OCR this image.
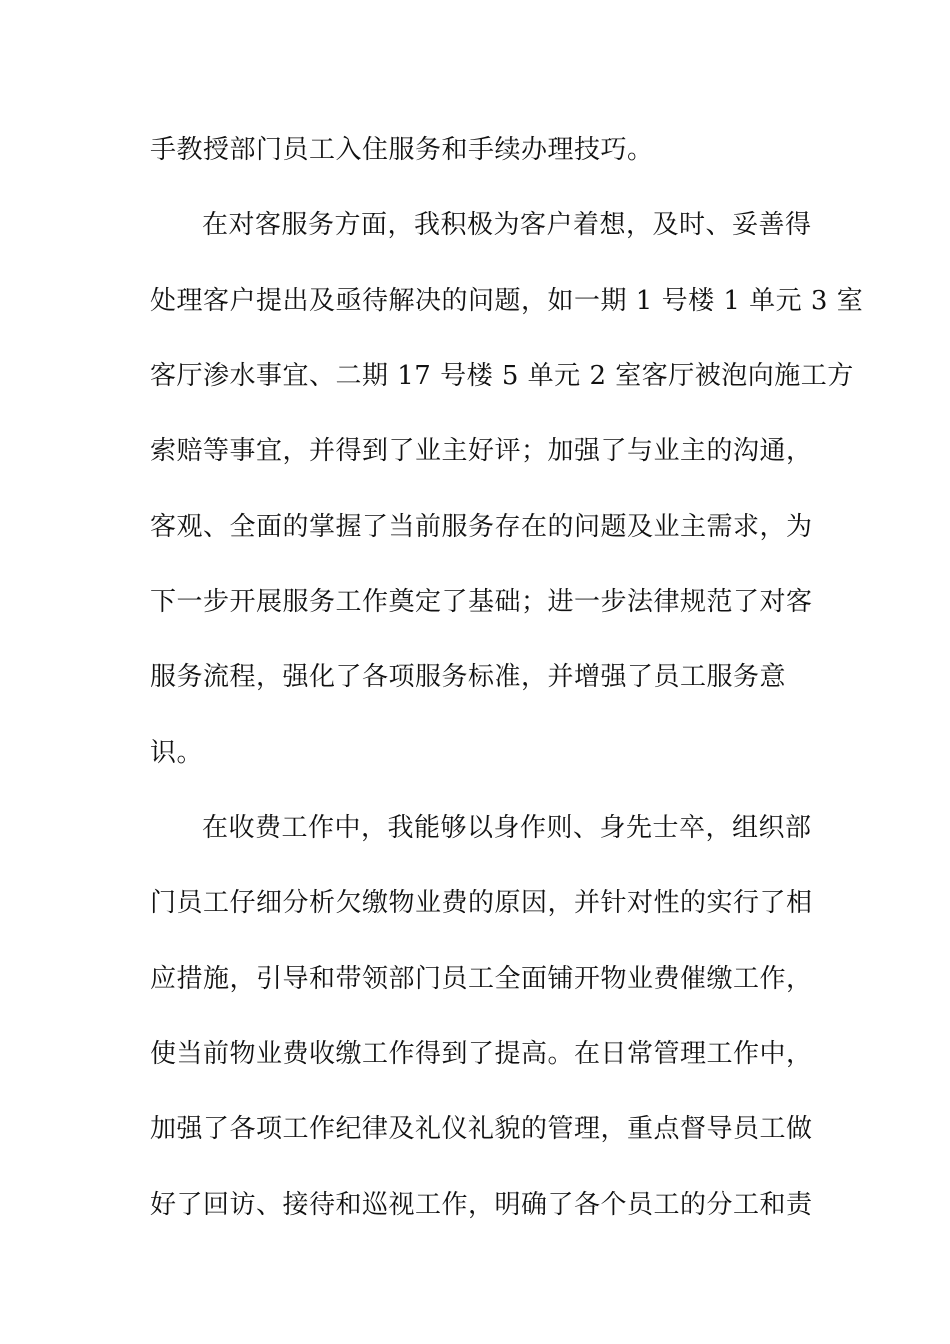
手教授部门员工入住服务和手续办理技巧。
在对客服务方面，我积极为客户着想，及时、妥善得
处理客户提出及亟待解决的问题，如一期 1 号楼 1 单元 3 室
客厅渗水事宜、二期 17 号楼 5 单元 2 室客厅被泡向施工方
索赔等事宜，并得到了业主好评；加强了与业主的沟通，
客观、全面的掌握了当前服务存在的问题及业主需求，为
下一步开展服务工作奠定了基础；进一步法律规范了对客
服务流程，强化了各项服务标准，并增强了员工服务意
识。
在收费工作中，我能够以身作则、身先士卒，组织部
门员工仔细分析欠缴物业费的原因，并针对性的实行了相
应措施，引导和带领部门员工全面铺开物业费催缴工作，
使当前物业费收缴工作得到了提高。在日常管理工作中，
加强了各项工作纪律及礼仪礼貌的管理，重点督导员工做
好了回访、接待和巡视工作，明确了各个员工的分工和责
